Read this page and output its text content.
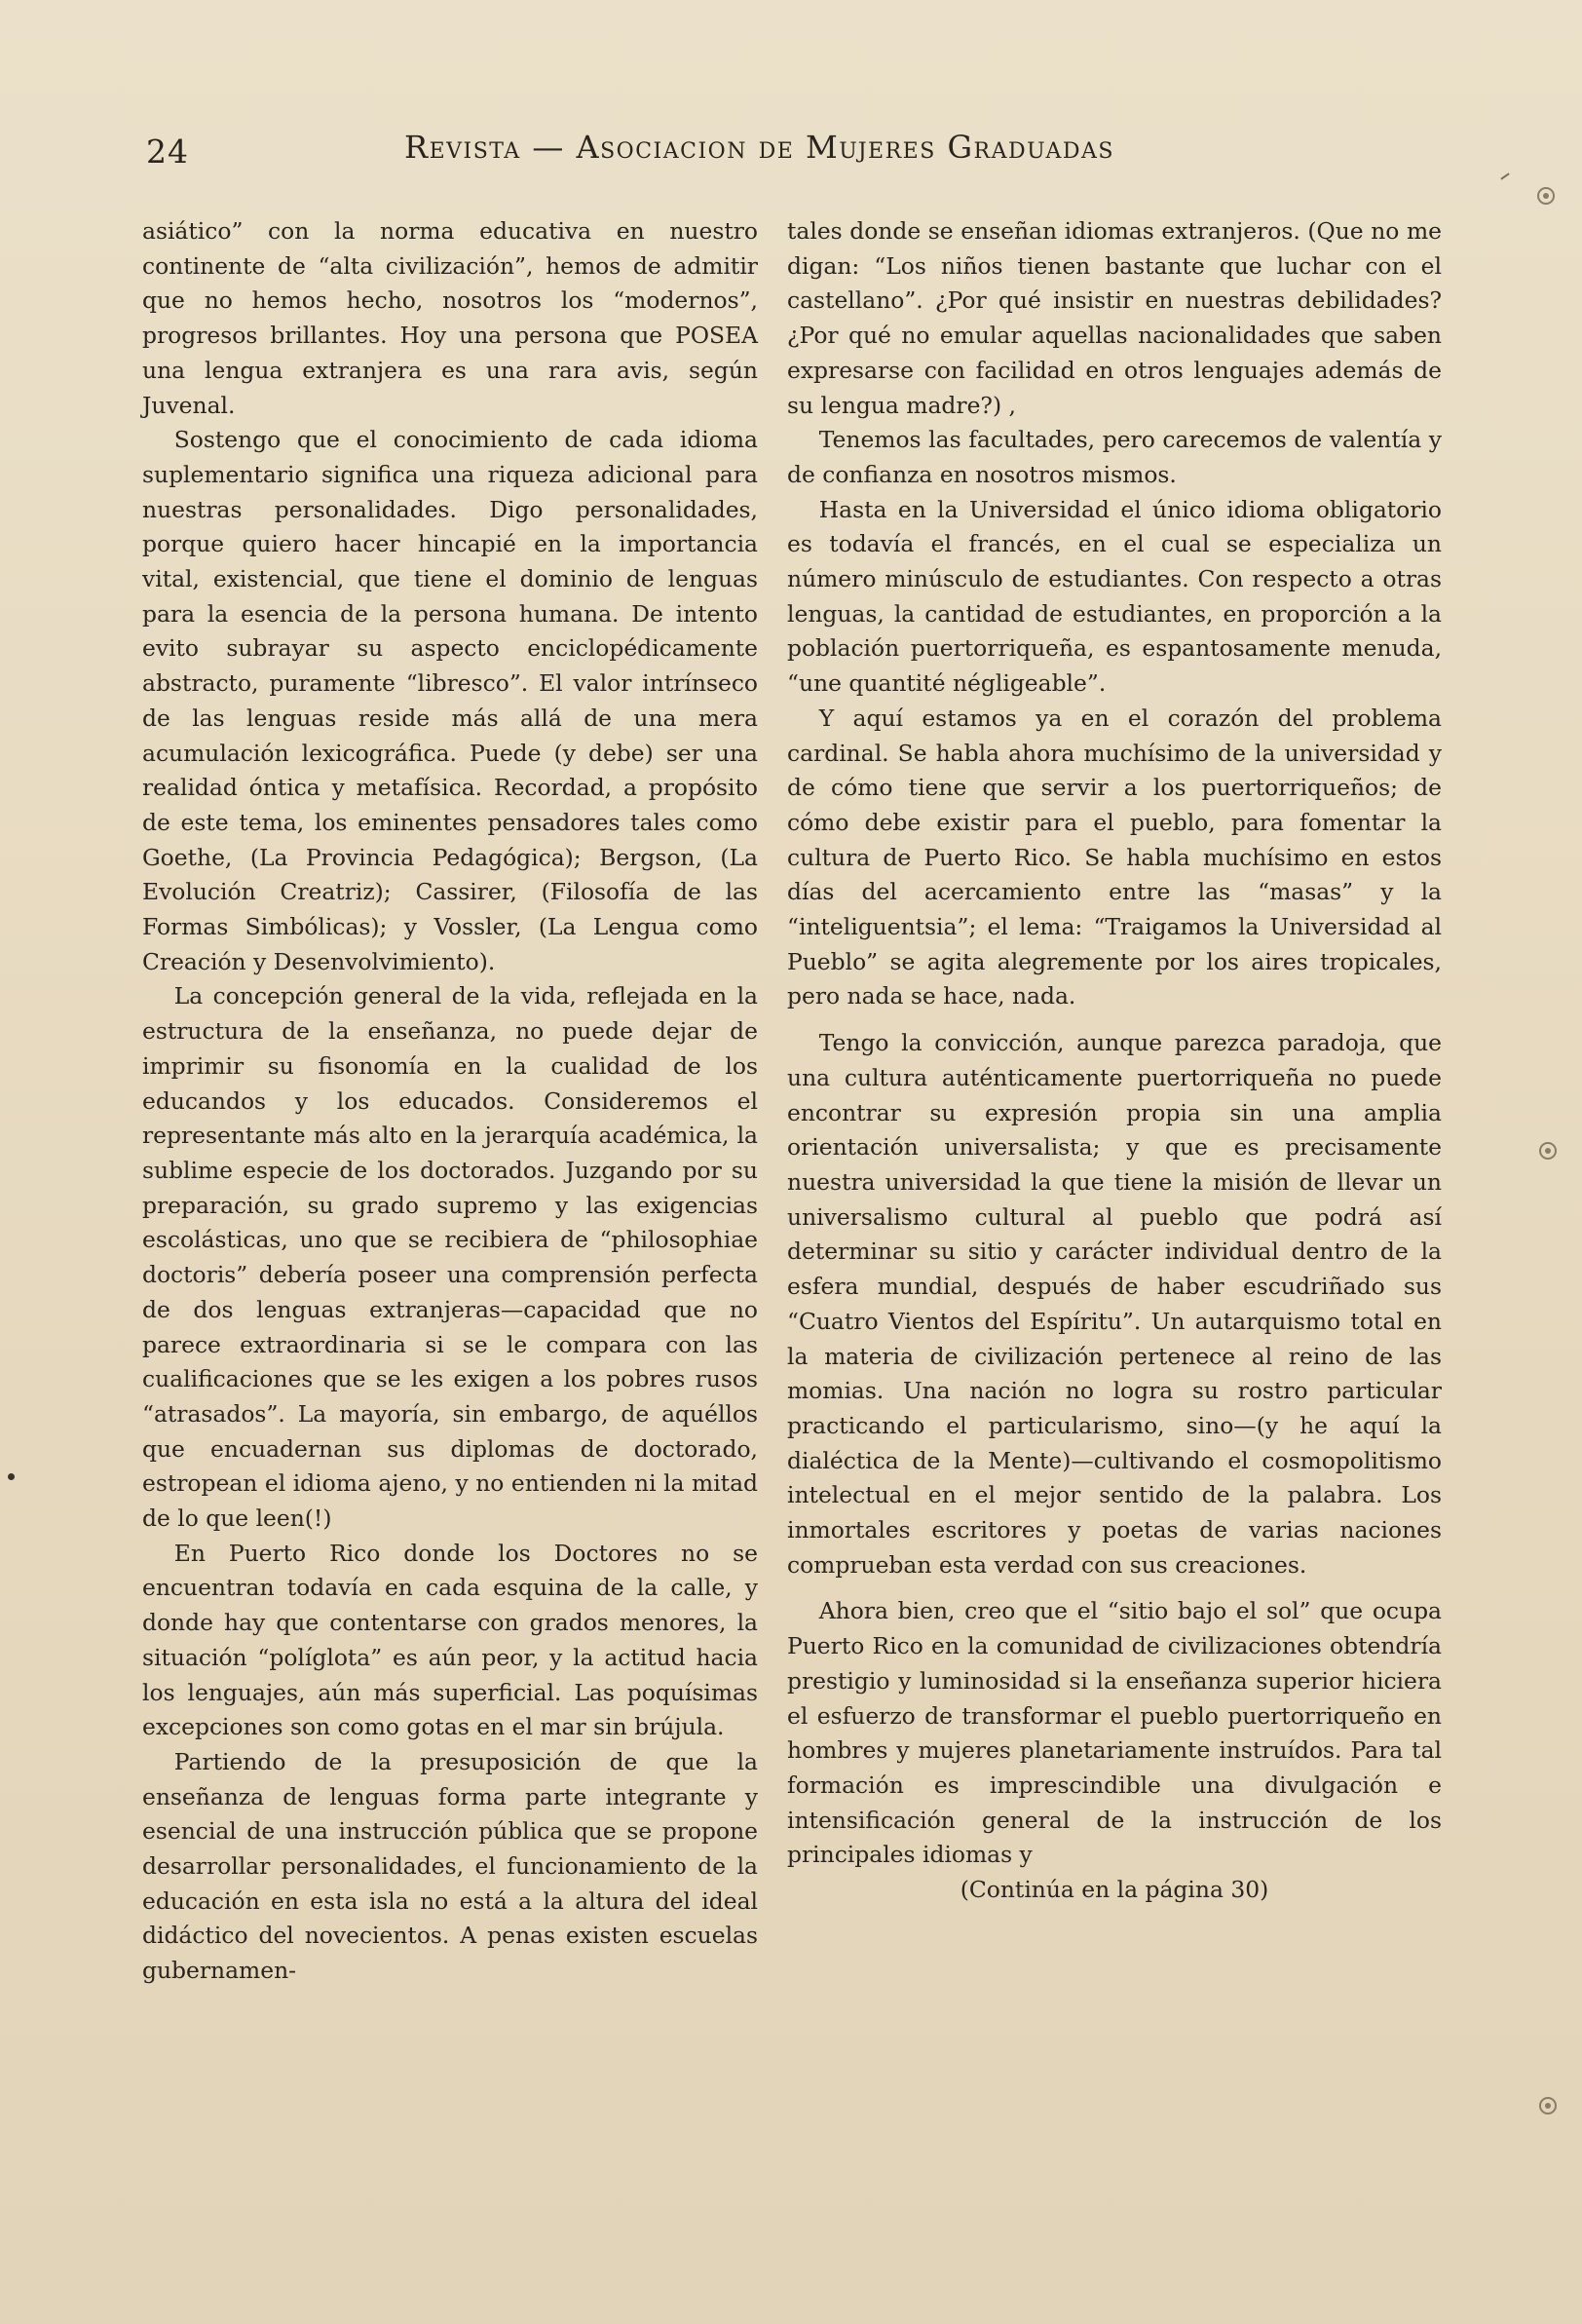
24	Revista — Asociacion de Mujeres Graduadas

asiático” con la norma educativa en nuestro continente de “alta civilización”, hemos de admitir que no hemos hecho, nosotros los “modernos”, progresos brillantes. Hoy una persona que POSEA una lengua extranjera es una rara avis, según Juvenal.

Sostengo que el conocimiento de cada idioma suplementario significa una riqueza adicional para nuestras personalidades. Digo personalidades, porque quiero hacer hincapié en la importancia vital, existencial, que tiene el dominio de lenguas para la esencia de la persona humana. De intento evito subrayar su aspecto enciclopédicamente abstracto, puramente “libresco”. El valor intrínseco de las lenguas reside más allá de una mera acumulación lexicográfica. Puede (y debe) ser una realidad óntica y metafísica. Recordad, a propósito de este tema, los eminentes pensadores tales como Goethe, (La Provincia Pedagógica); Bergson, (La Evolución Creatriz); Cassirer, (Filosofía de las Formas Simbólicas); y Vossler, (La Lengua como Creación y Desenvolvimiento).

La concepción general de la vida, reflejada en la estructura de la enseñanza, no puede dejar de imprimir su fisonomía en la cualidad de los educandos y los educados. Consideremos el representante más alto en la jerarquía académica, la sublime especie de los doctorados. Juzgando por su preparación, su grado supremo y las exigencias escolásticas, uno que se recibiera de “philosophiae doctoris” debería poseer una comprensión perfecta de dos lenguas extranjeras—capacidad que no parece extraordinaria si se le compara con las cualificaciones que se les exigen a los pobres rusos “atrasados”. La mayoría, sin embargo, de aquéllos que encuadernan sus diplomas de doctorado, estropean el idioma ajeno, y no entienden ni la mitad de lo que leen(!)

En Puerto Rico donde los Doctores no se encuentran todavía en cada esquina de la calle, y donde hay que contentarse con grados menores, la situación “políglota” es aún peor, y la actitud hacia los lenguajes, aún más superficial. Las poquísimas excepciones son como gotas en el mar sin brújula.

Partiendo de la presuposición de que la enseñanza de lenguas forma parte integrante y esencial de una instrucción pública que se propone desarrollar personalidades, el funcionamiento de la educación en esta isla no está a la altura del ideal didáctico del novecientos. A penas existen escuelas gubernamen-

tales donde se enseñan idiomas extranjeros. (Que no me digan: “Los niños tienen bastante que luchar con el castellano”. ¿Por qué insistir en nuestras debilidades? ¿Por qué no emular aquellas nacionalidades que saben expresarse con facilidad en otros lenguajes además de su lengua madre?) ,

Tenemos las facultades, pero carecemos de valentía y de confianza en nosotros mismos.

Hasta en la Universidad el único idioma obligatorio es todavía el francés, en el cual se especializa un número minúsculo de estudiantes. Con respecto a otras lenguas, la cantidad de estudiantes, en proporción a la población puertorriqueña, es espantosamente menuda, “une quantité négligeable”.

Y aquí estamos ya en el corazón del problema cardinal. Se habla ahora muchísimo de la universidad y de cómo tiene que servir a los puertorriqueños; de cómo debe existir para el pueblo, para fomentar la cultura de Puerto Rico. Se habla muchísimo en estos días del acercamiento entre las “masas” y la “inteliguentsia”; el lema: “Traigamos la Universidad al Pueblo” se agita alegremente por los aires tropicales, pero nada se hace, nada.

Tengo la convicción, aunque parezca paradoja, que una cultura auténticamente puertorriqueña no puede encontrar su expresión propia sin una amplia orientación universalista; y que es precisamente nuestra universidad la que tiene la misión de llevar un universalismo cultural al pueblo que podrá así determinar su sitio y carácter individual dentro de la esfera mundial, después de haber escudriñado sus “Cuatro Vientos del Espíritu”. Un autarquismo total en la materia de civilización pertenece al reino de las momias. Una nación no logra su rostro particular practicando el particularismo, sino—(y he aquí la dialéctica de la Mente)—cultivando el cosmopolitismo intelectual en el mejor sentido de la palabra. Los inmortales escritores y poetas de varias naciones comprueban esta verdad con sus creaciones.

Ahora bien, creo que el “sitio bajo el sol” que ocupa Puerto Rico en la comunidad de civilizaciones obtendría prestigio y luminosidad si la enseñanza superior hiciera el esfuerzo de transformar el pueblo puertorriqueño en hombres y mujeres planetariamente instruídos. Para tal formación es imprescindible una divulgación e intensificación general de la instrucción de los principales idiomas y

(Continúa en la página 30)
